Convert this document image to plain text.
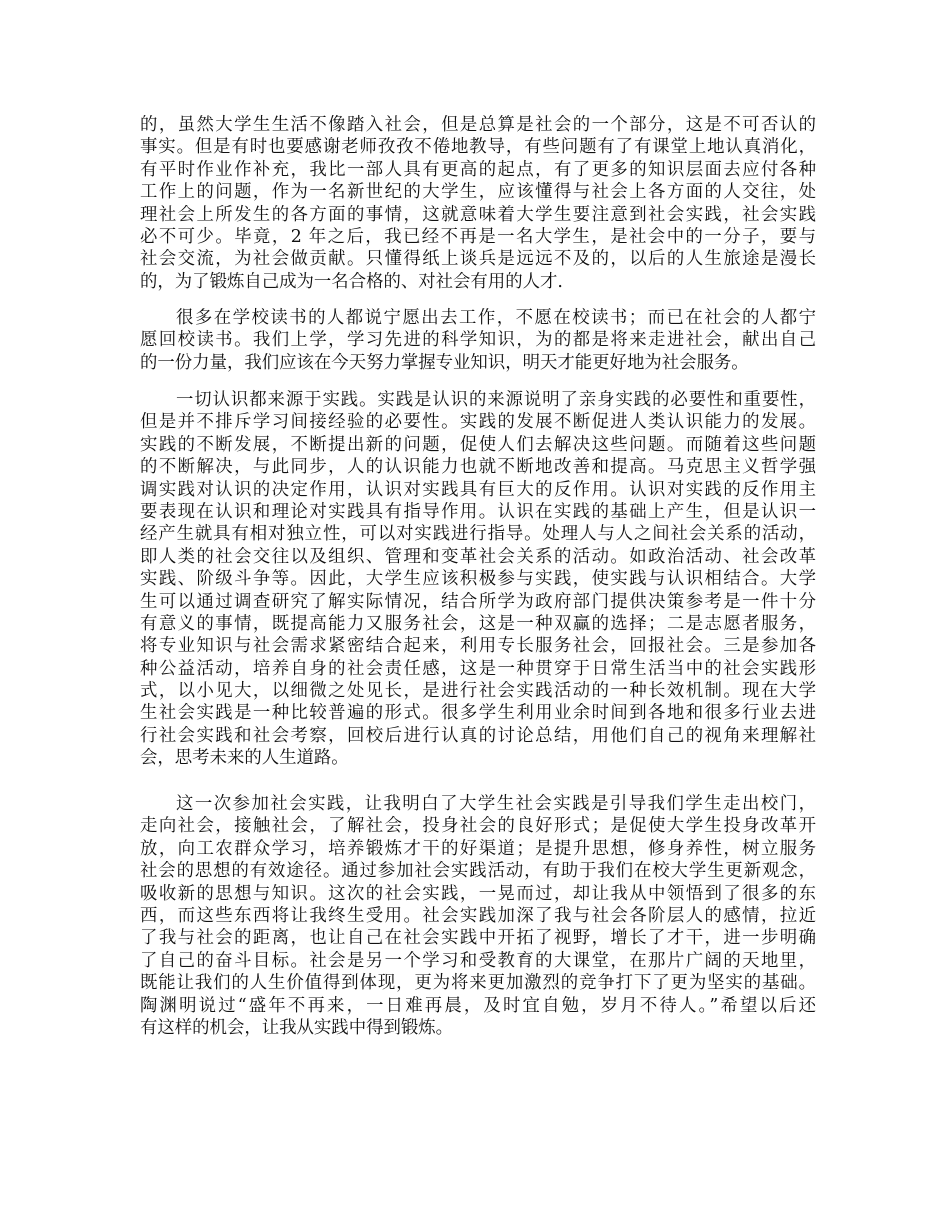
的，虽然大学生生活不像踏入社会，但是总算是社会的一个部分，这是不可否认的
事实。但是有时也要感谢老师孜孜不倦地教导，有些问题有了有课堂上地认真消化，
有平时作业作补充，我比一部人具有更高的起点，有了更多的知识层面去应付各种
工作上的问题，作为一名新世纪的大学生，应该懂得与社会上各方面的人交往，处
理社会上所发生的各方面的事情，这就意味着大学生要注意到社会实践，社会实践
必不可少。毕竟，2 年之后，我已经不再是一名大学生，是社会中的一分子，要与
社会交流，为社会做贡献。只懂得纸上谈兵是远远不及的，以后的人生旅途是漫长
的，为了锻炼自己成为一名合格的、对社会有用的人才.
很多在学校读书的人都说宁愿出去工作，不愿在校读书；而已在社会的人都宁
愿回校读书。我们上学，学习先进的科学知识，为的都是将来走进社会，献出自己
的一份力量，我们应该在今天努力掌握专业知识，明天才能更好地为社会服务。
一切认识都来源于实践。实践是认识的来源说明了亲身实践的必要性和重要性，
但是并不排斥学习间接经验的必要性。实践的发展不断促进人类认识能力的发展。
实践的不断发展，不断提出新的问题，促使人们去解决这些问题。而随着这些问题
的不断解决，与此同步，人的认识能力也就不断地改善和提高。马克思主义哲学强
调实践对认识的决定作用，认识对实践具有巨大的反作用。认识对实践的反作用主
要表现在认识和理论对实践具有指导作用。认识在实践的基础上产生，但是认识一
经产生就具有相对独立性，可以对实践进行指导。处理人与人之间社会关系的活动，
即人类的社会交往以及组织、管理和变革社会关系的活动。如政治活动、社会改革
实践、阶级斗争等。因此，大学生应该积极参与实践，使实践与认识相结合。大学
生可以通过调查研究了解实际情况，结合所学为政府部门提供决策参考是一件十分
有意义的事情，既提高能力又服务社会，这是一种双赢的选择；二是志愿者服务，
将专业知识与社会需求紧密结合起来，利用专长服务社会，回报社会。三是参加各
种公益活动，培养自身的社会责任感，这是一种贯穿于日常生活当中的社会实践形
式，以小见大，以细微之处见长，是进行社会实践活动的一种长效机制。现在大学
生社会实践是一种比较普遍的形式。很多学生利用业余时间到各地和很多行业去进
行社会实践和社会考察，回校后进行认真的讨论总结，用他们自己的视角来理解社
会，思考未来的人生道路。
这一次参加社会实践，让我明白了大学生社会实践是引导我们学生走出校门，
走向社会，接触社会，了解社会，投身社会的良好形式；是促使大学生投身改革开
放，向工农群众学习，培养锻炼才干的好渠道；是提升思想，修身养性，树立服务
社会的思想的有效途径。通过参加社会实践活动，有助于我们在校大学生更新观念，
吸收新的思想与知识。这次的社会实践，一晃而过，却让我从中领悟到了很多的东
西，而这些东西将让我终生受用。社会实践加深了我与社会各阶层人的感情，拉近
了我与社会的距离，也让自己在社会实践中开拓了视野，增长了才干，进一步明确
了自己的奋斗目标。社会是另一个学习和受教育的大课堂，在那片广阔的天地里，
既能让我们的人生价值得到体现，更为将来更加激烈的竞争打下了更为坚实的基础。
陶渊明说过“盛年不再来，一日难再晨，及时宜自勉，岁月不待人。”希望以后还
有这样的机会，让我从实践中得到锻炼。
